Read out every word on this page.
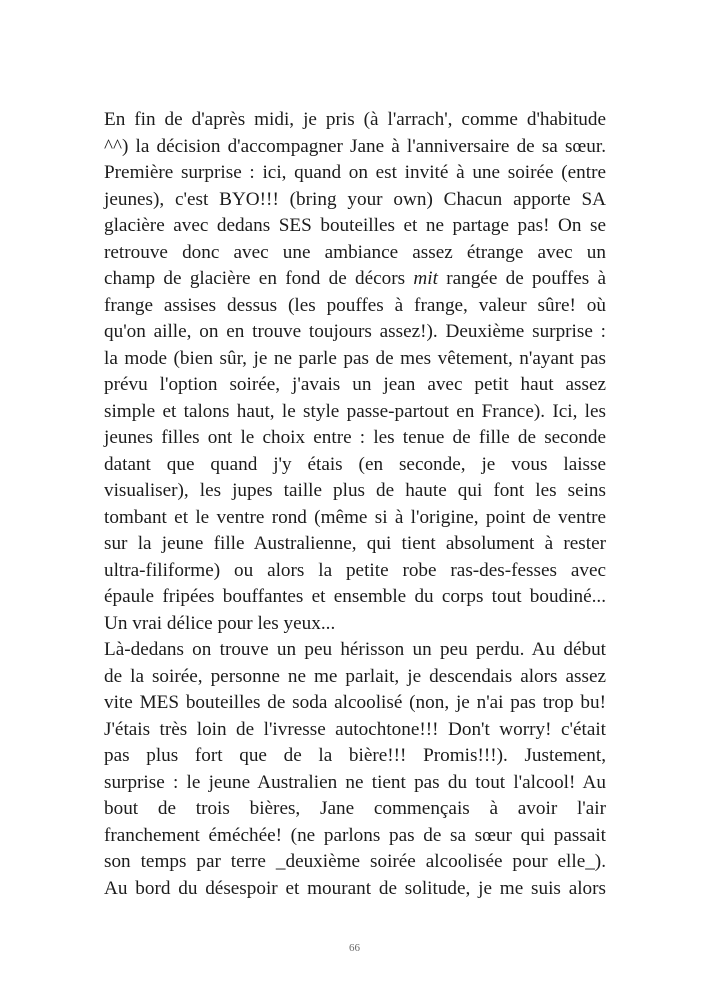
En fin de d'après midi, je pris (à l'arrach', comme d'habitude
^^) la décision d'accompagner Jane à l'anniversaire de sa sœur.
Première surprise : ici, quand on est invité à une soirée (entre
jeunes), c'est BYO!!! (bring your own) Chacun apporte SA
glacière avec dedans SES bouteilles et ne partage pas! On se
retrouve donc avec une ambiance assez étrange avec un
champ de glacière en fond de décors mit rangée de pouffes à
frange assises dessus (les pouffes à frange, valeur sûre! où
qu'on aille, on en trouve toujours assez!). Deuxième surprise :
la mode (bien sûr, je ne parle pas de mes vêtement, n'ayant pas
prévu l'option soirée, j'avais un jean avec petit haut assez
simple et talons haut, le style passe-partout en France). Ici, les
jeunes filles ont le choix entre : les tenue de fille de seconde
datant que quand j'y étais (en seconde, je vous laisse
visualiser), les jupes taille plus de haute qui font les seins
tombant et le ventre rond (même si à l'origine, point de ventre
sur la jeune fille Australienne, qui tient absolument à rester
ultra-filiforme) ou alors la petite robe ras-des-fesses avec
épaule fripées bouffantes et ensemble du corps tout boudiné...
Un vrai délice pour les yeux...
Là-dedans on trouve un peu hérisson un peu perdu. Au début
de la soirée, personne ne me parlait, je descendais alors assez
vite MES bouteilles de soda alcoolisé (non, je n'ai pas trop bu!
J'étais très loin de l'ivresse autochtone!!! Don't worry! c'était
pas plus fort que de la bière!!! Promis!!!). Justement,
surprise : le jeune Australien ne tient pas du tout l'alcool! Au
bout de trois bières, Jane commençais à avoir l'air
franchement éméchée! (ne parlons pas de sa sœur qui passait
son temps par terre _deuxième soirée alcoolisée pour elle_).
Au bord du désespoir et mourant de solitude, je me suis alors
66
